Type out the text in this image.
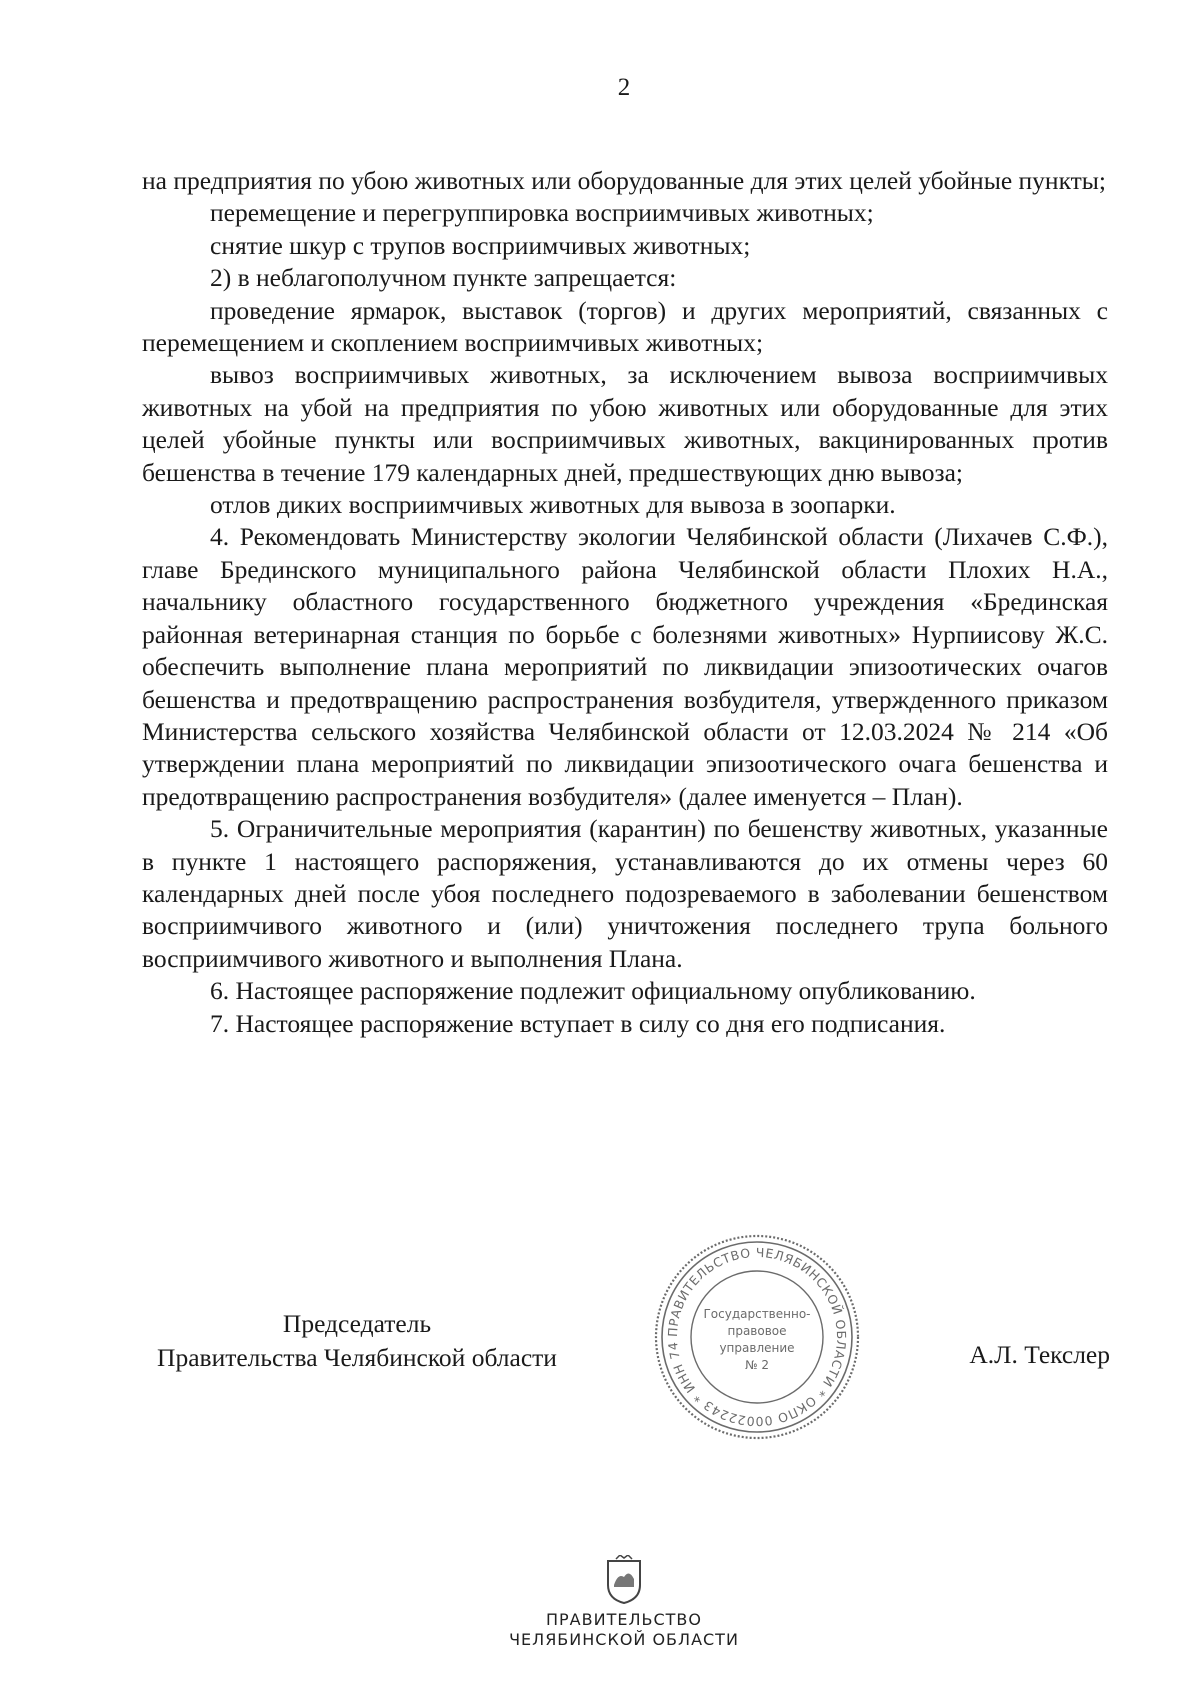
2

на предприятия по убою животных или оборудованные для этих целей убойные пункты;

перемещение и перегруппировка восприимчивых животных;

снятие шкур с трупов восприимчивых животных;

2) в неблагополучном пункте запрещается:

проведение ярмарок, выставок (торгов) и других мероприятий, связанных с перемещением и скоплением восприимчивых животных;

вывоз восприимчивых животных, за исключением вывоза восприимчивых животных на убой на предприятия по убою животных или оборудованные для этих целей убойные пункты или восприимчивых животных, вакцинированных против бешенства в течение 179 календарных дней, предшествующих дню вывоза;

отлов диких восприимчивых животных для вывоза в зоопарки.

4. Рекомендовать Министерству экологии Челябинской области (Лихачев С.Ф.), главе Брединского муниципального района Челябинской области Плохих Н.А., начальнику областного государственного бюджетного учреждения «Брединская районная ветеринарная станция по борьбе с болезнями животных» Нурпиисову Ж.С. обеспечить выполнение плана мероприятий по ликвидации эпизоотических очагов бешенства и предотвращению распространения возбудителя, утвержденного приказом Министерства сельского хозяйства Челябинской области от 12.03.2024 № 214 «Об утверждении плана мероприятий по ликвидации эпизоотического очага бешенства и предотвращению распространения возбудителя» (далее именуется – План).

5. Ограничительные мероприятия (карантин) по бешенству животных, указанные в пункте 1 настоящего распоряжения, устанавливаются до их отмены через 60 календарных дней после убоя последнего подозреваемого в заболевании бешенством восприимчивого животного и (или) уничтожения последнего трупа больного восприимчивого животного и выполнения Плана.

6. Настоящее распоряжение подлежит официальному опубликованию.

7. Настоящее распоряжение вступает в силу со дня его подписания.

Председатель
Правительства Челябинской области
ПРАВИТЕЛЬСТВО ЧЕЛЯБИНСКОЙ ОБЛАСТИ * ОКПО 00022243 * ИНН 74
Государственно-
правовое
управление
№ 2	А.Л. Текслер
ПРАВИТЕЛЬСТВО
ЧЕЛЯБИНСКОЙ ОБЛАСТИ
